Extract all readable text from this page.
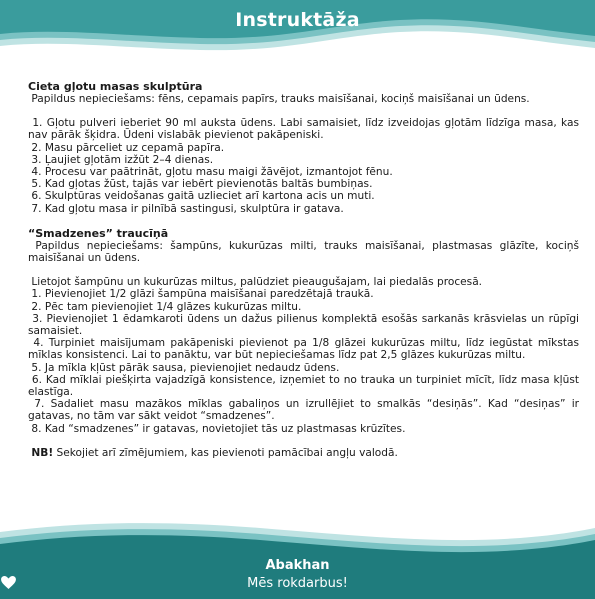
Instruktāža
Cieta gļotu masas skulptūra

Papildus nepieciešams: fēns, cepamais papīrs, trauks maisīšanai, kociņš maisīšanai un ūdens.

1. Gļotu pulveri ieberiet 90 ml auksta ūdens. Labi samaisiet, līdz izveidojas gļotām līdzīga masa, kas nav pārāk šķidra. Ūdeni vislabāk pievienot pakāpeniski.
2. Masu pārceliet uz cepamā papīra.
3. Ļaujiet gļotām izžūt 2–4 dienas.
4. Procesu var paātrināt, gļotu masu maigi žāvējot, izmantojot fēnu.
5. Kad gļotas žūst, tajās var iebērt pievienotās baltās bumbiņas.
6. Skulptūras veidošanas gaitā uzlieciet arī kartona acis un muti.
7. Kad gļotu masa ir pilnībā sastingusi, skulptūra ir gatava.
“Smadzenes” traucīņā

Papildus nepieciešams: šampūns, kukurūzas milti, trauks maisīšanai, plastmasas glāzīte, kociņš maisīšanai un ūdens.

Lietojot šampūnu un kukurūzas miltus, palūdziet pieaugušajam, lai piedalās procesā.

1. Pievienojiet 1/2 glāzi šampūna maisīšanai paredzētajā traukā.
2. Pēc tam pievienojiet 1/4 glāzes kukurūzas miltu.
3. Pievienojiet 1 ēdamkaroti ūdens un dažus pilienus komplektā esošās sarkanās krāsvielas un rūpīgi samaisiet.
4. Turpiniet maisījumam pakāpeniski pievienot pa 1/8 glāzei kukurūzas miltu, līdz iegūstat mīkstas mīklas konsistenci. Lai to panāktu, var būt nepieciešamas līdz pat 2,5 glāzes kukurūzas miltu.
5. Ja mīkla kļūst pārāk sausa, pievienojiet nedaudz ūdens.
6. Kad mīklai piešķirta vajadzīgā konsistence, izņemiet to no trauka un turpiniet mīcīt, līdz masa kļūst elastīga.
7. Sadaliet masu mazākos mīklas gabaliņos un izrullējiet to smalkās “desiņās”. Kad “desiņas” ir gatavas, no tām var sākt veidot “smadzenes”.
8. Kad “smadzenes” ir gatavas, novietojiet tās uz plastmasas krūzītes.

NB! Sekojiet arī zīmējumiem, kas pievienoti pamācībai angļu valodā.

Abakhan
Mēs rokdarbus!
